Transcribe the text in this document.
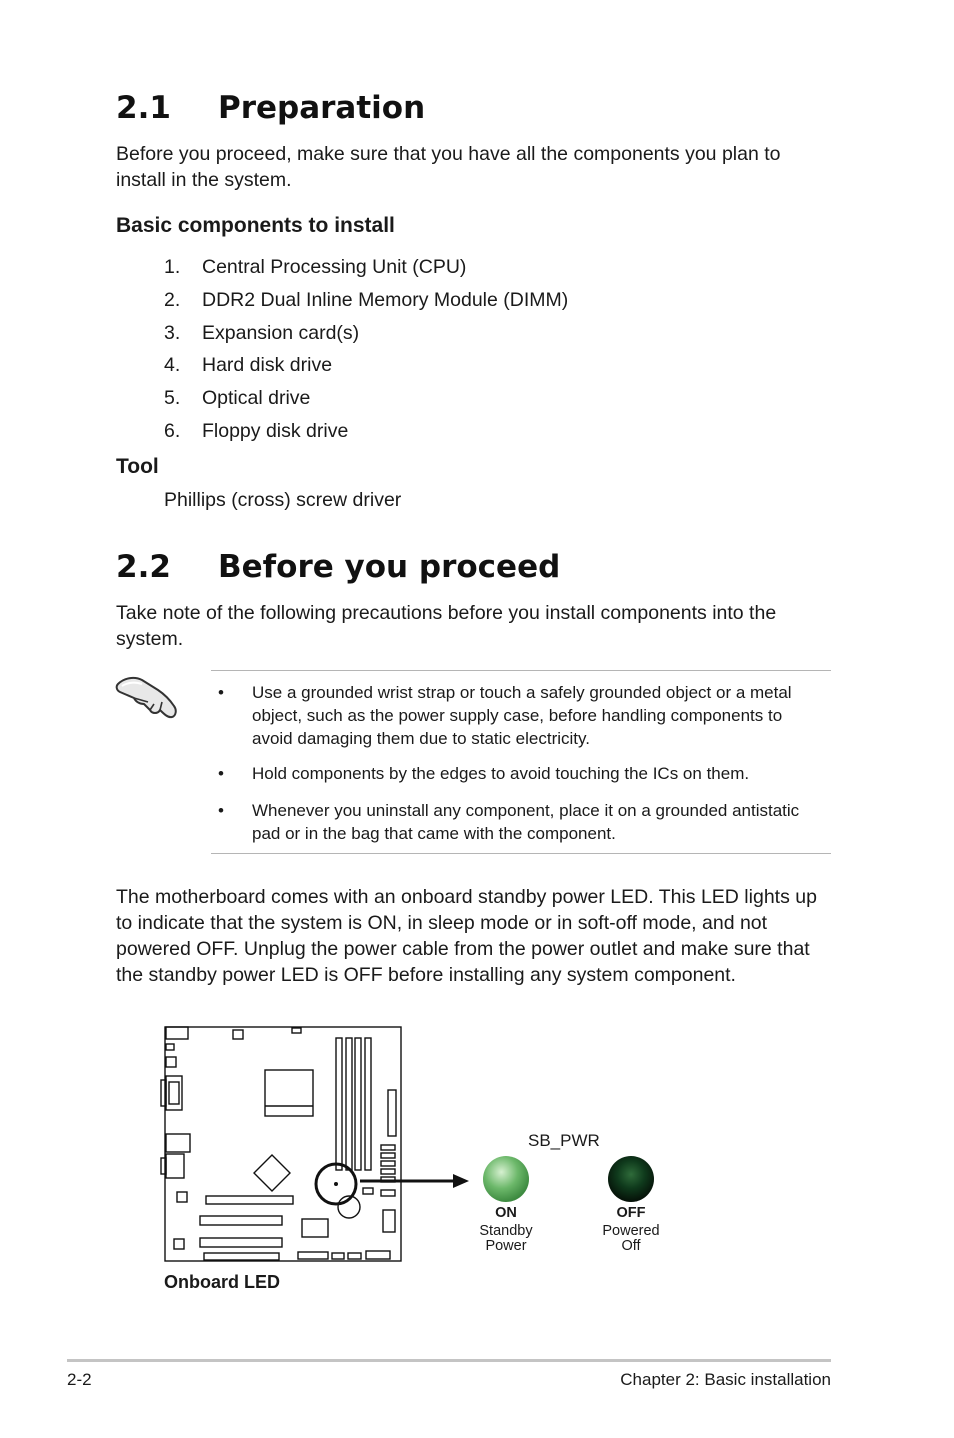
2.1 Preparation
Before you proceed, make sure that you have all the components you plan to install in the system.
Basic components to install
1. Central Processing Unit (CPU)
2. DDR2 Dual Inline Memory Module (DIMM)
3. Expansion card(s)
4. Hard disk drive
5. Optical drive
6. Floppy disk drive
Tool
Phillips (cross) screw driver
2.2 Before you proceed
Take note of the following precautions before you install components into the system.
• Use a grounded wrist strap or touch a safely grounded object or a metal object, such as the power supply case, before handling components to avoid damaging them due to static electricity.
• Hold components by the edges to avoid touching the ICs on them.
• Whenever you uninstall any component, place it on a grounded antistatic pad or in the bag that came with the component.
The motherboard comes with an onboard standby power LED. This LED lights up to indicate that the system is ON, in sleep mode or in soft-off mode, and not powered OFF. Unplug the power cable from the power outlet and make sure that the standby power LED is OFF before installing any system component.
SB_PWR
ON
Standby
Power
OFF
Powered
Off
Onboard LED
2-2	Chapter 2: Basic installation
